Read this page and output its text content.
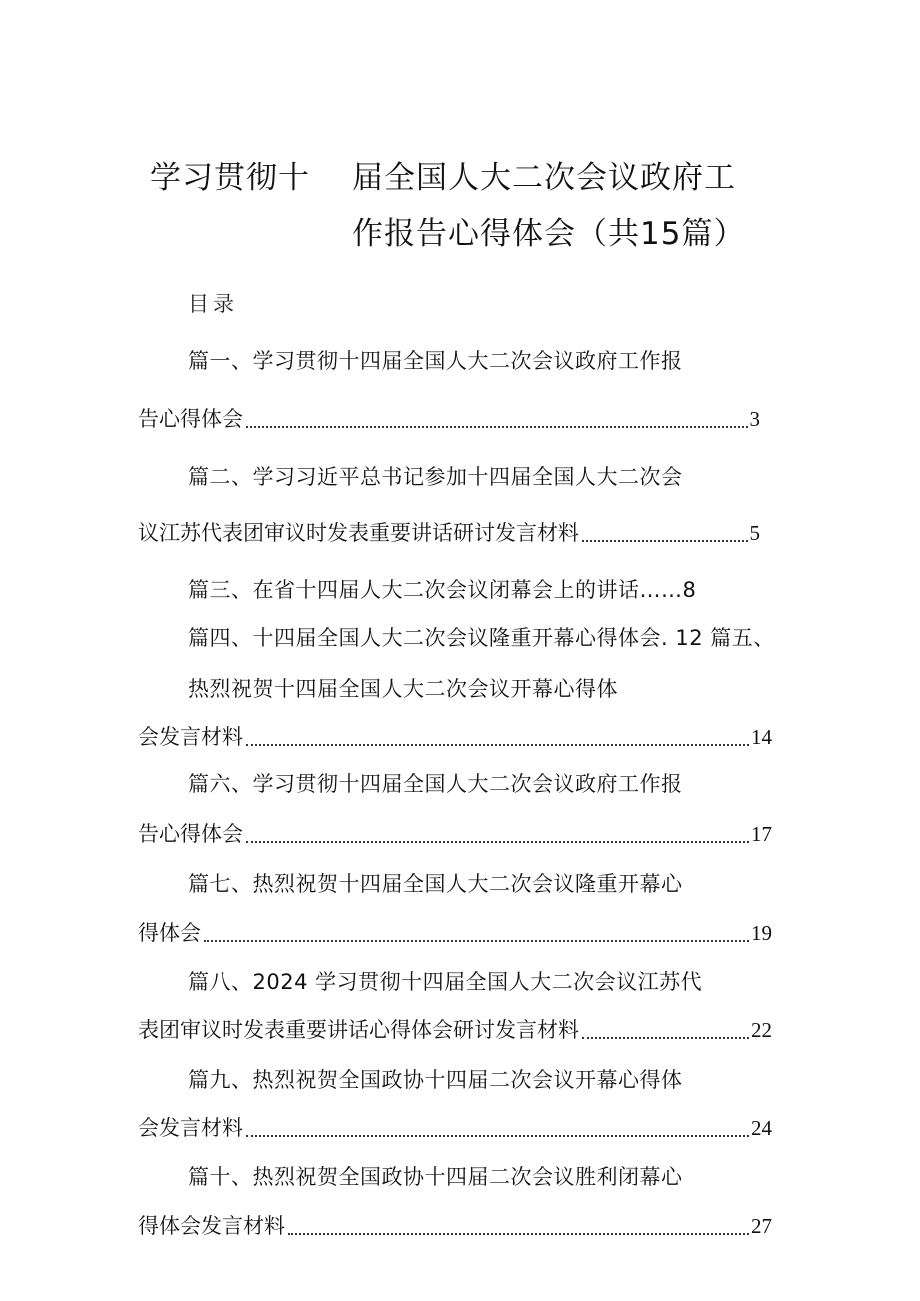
学习贯彻十 届全国人大二次会议政府工
作报告心得体会（共15篇）
目录
篇一、学习贯彻十四届全国人大二次会议政府工作报
告心得体会	3
篇二、学习习近平总书记参加十四届全国人大二次会
议江苏代表团审议时发表重要讲话研讨发言材料	5
篇三、在省十四届人大二次会议闭幕会上的讲话……8
篇四、十四届全国人大二次会议隆重开幕心得体会. 12 篇五、
热烈祝贺十四届全国人大二次会议开幕心得体
会发言材料	14
篇六、学习贯彻十四届全国人大二次会议政府工作报
告心得体会	17
篇七、热烈祝贺十四届全国人大二次会议隆重开幕心
得体会	19
篇八、2024 学习贯彻十四届全国人大二次会议江苏代
表团审议时发表重要讲话心得体会研讨发言材料	22
篇九、热烈祝贺全国政协十四届二次会议开幕心得体
会发言材料	24
篇十、热烈祝贺全国政协十四届二次会议胜利闭幕心
得体会发言材料	27
